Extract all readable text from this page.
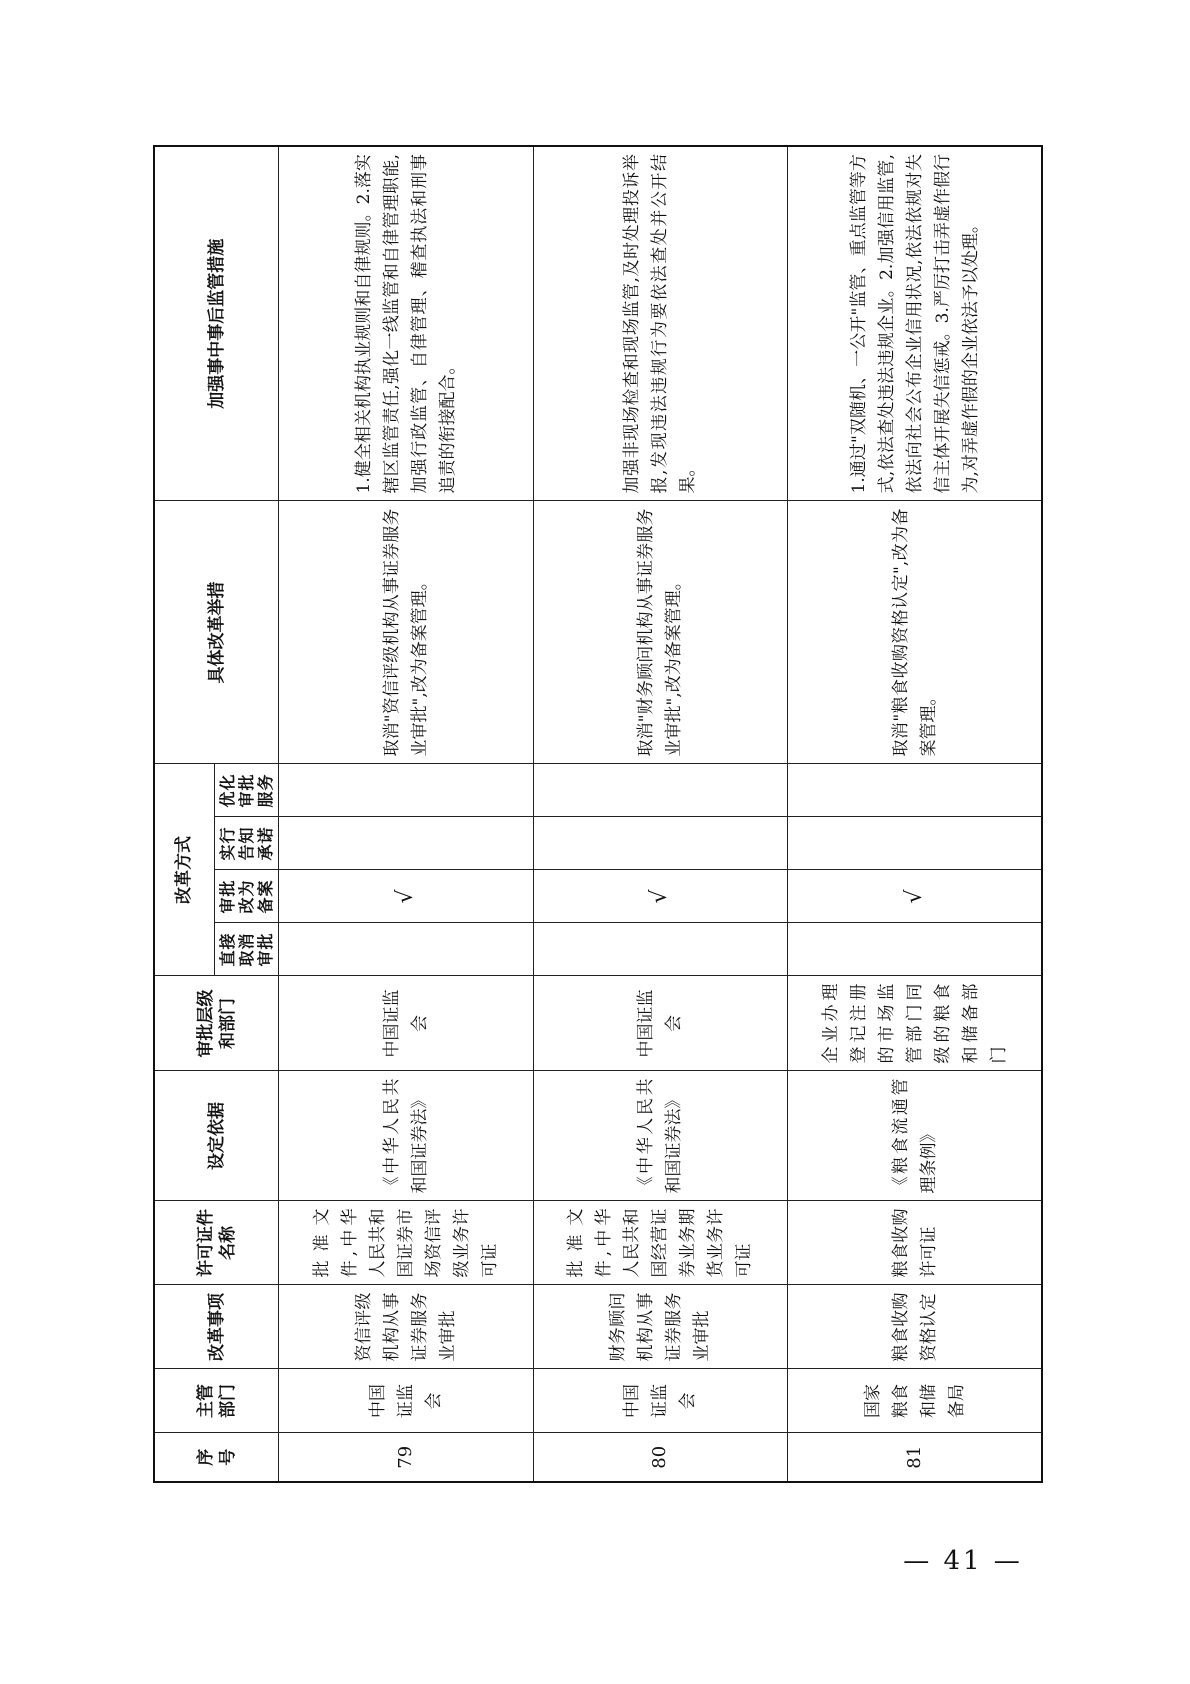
序号	主管部门	改革事项	许可证件名称	设定依据	审批层级和部门	改革方式				具体改革举措	加强事中事后监管措施
						直接取消审批	审批改为备案	实行告知承诺	优化审批服务		
79	中国证监会	资信评级机构从事证券服务业审批	批准文件,中华人民共和国证券市场资信评级业务许可证	《中华人民共和国证券法》	中国证监会		√			取消"资信评级机构从事证券服务业审批",改为备案管理。	1.健全相关机构执业规则和自律规则。2.落实辖区监管责任,强化一线监管和自律管理职能,加强行政监管、自律管理、稽查执法和刑事追责的衔接配合。
80	中国证监会	财务顾问机构从事证券服务业审批	批准文件,中华人民共和国经营证券业务期货业务许可证	《中华人民共和国证券法》	中国证监会		√			取消"财务顾问机构从事证券服务业审批",改为备案管理。	加强非现场检查和现场监管,及时处理投诉举报,发现违法违规行为要依法查处并公开结果。
81	国家粮食和储备局	粮食收购资格认定	粮食收购许可证	《粮食流通管理条例》	企业办理登记注册的市场监管部门同级的粮食和储备部门		√			取消"粮食收购资格认定",改为备案管理。	1.通过"双随机、一公开"监管、重点监管等方式,依法查处违法违规企业。2.加强信用监管,依法向社会公布企业信用状况,依法依规对失信主体开展失信惩戒。3.严厉打击弄虚作假行为,对弄虚作假的企业依法予以处理。
— 41 —
